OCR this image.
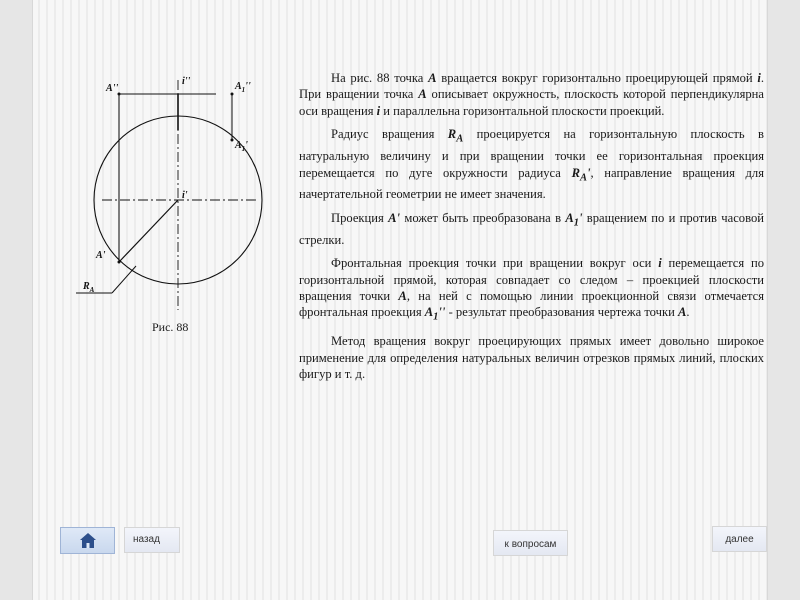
A''
i''	$A_1''$
$A_1'$
i'
A'
$R_A$
Рис. 88

На рис. 88 точка А вращается вокруг горизонтально проецирующей прямой i. При вращении точка А описывает окружность, плоскость которой перпендикулярна оси вращения i и параллельна горизонтальной плоскости проекций.

Радиус вращения $R_A$ проецируется на горизонтальную плоскость в натуральную величину и при вращении точки ее горизонтальная проекция перемещается по дуге окружности радиуса $R_A'$, направление вращения для начертательной геометрии не имеет значения.

Проекция А' может быть преобразована в $А_1'$ вращением по и против часовой стрелки.

Фронтальная проекция точки при вращении вокруг оси i перемещается по горизонтальной прямой, которая совпадает со следом – проекцией плоскости вращения точки А, на ней с помощью линии проекционной связи отмечается фронтальная проекция $А_1''$ - результат преобразования чертежа точки А.

Метод вращения вокруг проецирующих прямых имеет довольно широкое применение для определения натуральных величин отрезков прямых линий, плоских фигур и т. д.

назад	к вопросам	далее
